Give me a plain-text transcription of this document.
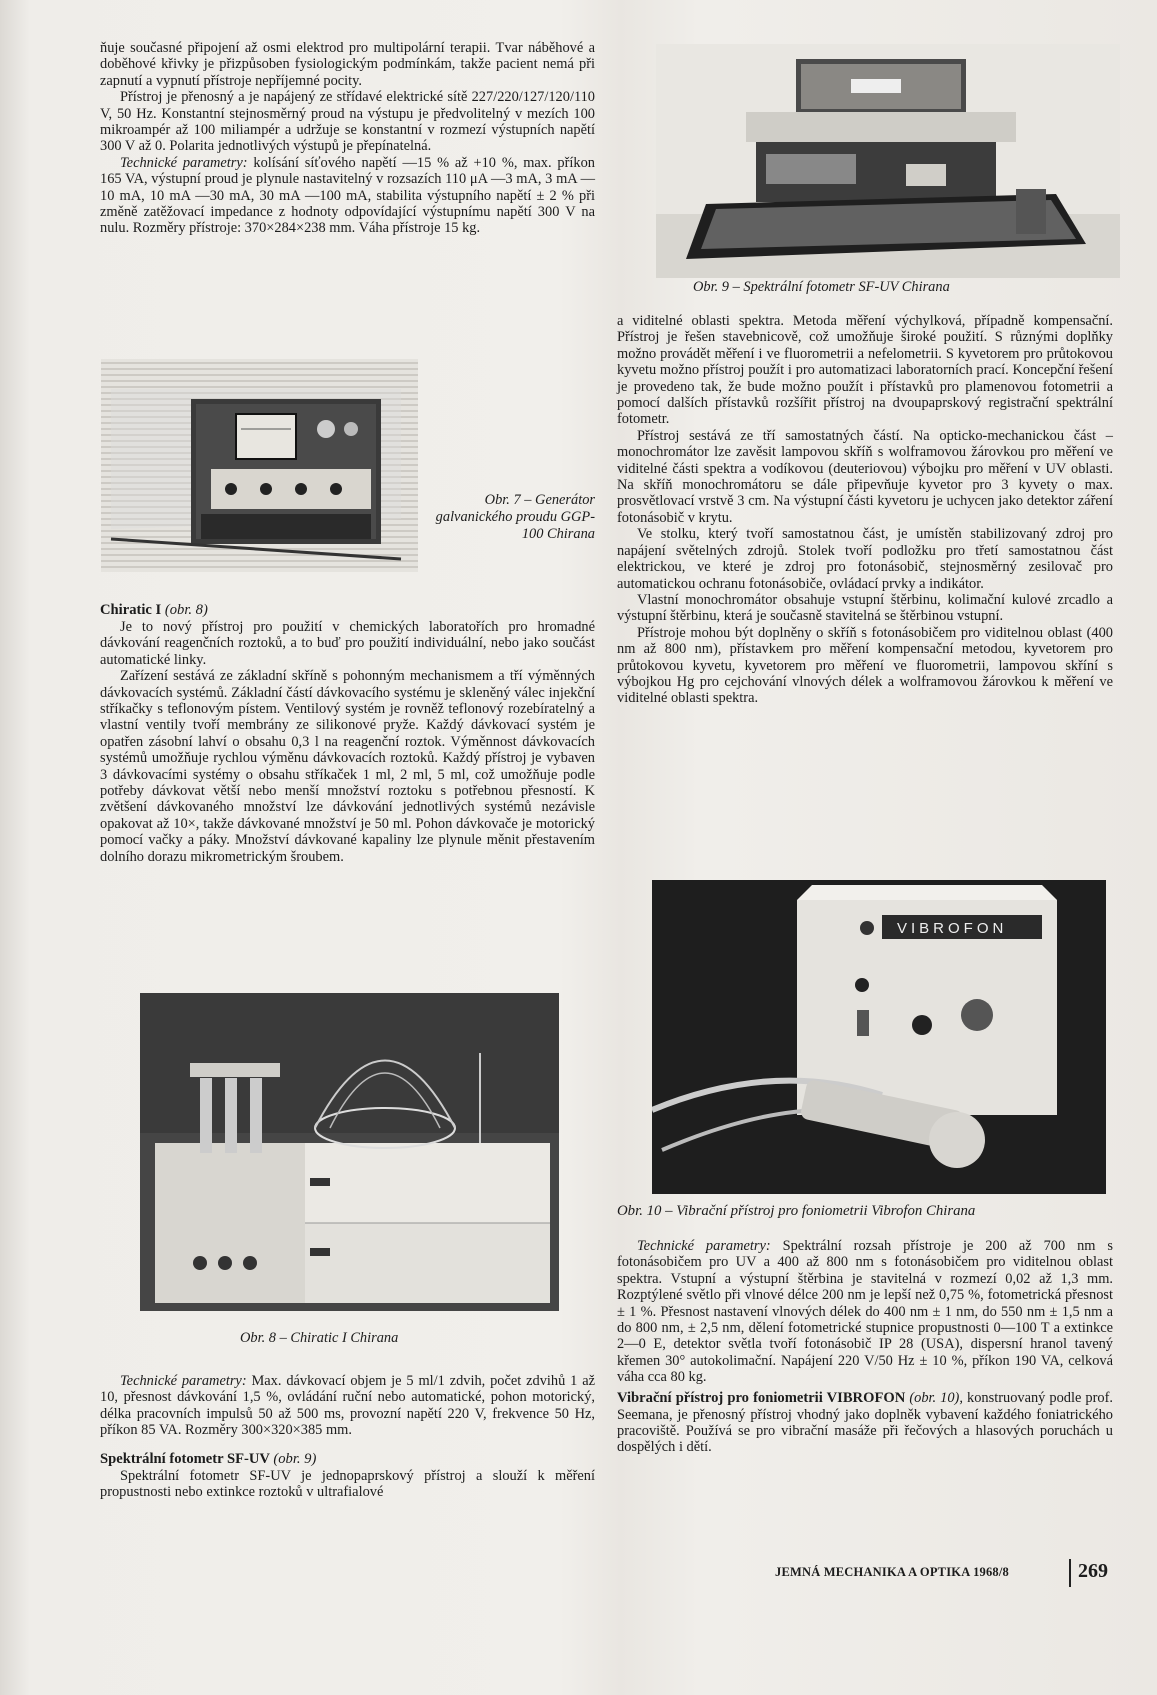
ňuje současné připojení až osmi elektrod pro multipolární terapii. Tvar náběhové a doběhové křivky je přizpůsoben fysiologickým podmínkám, takže pacient nemá při zapnutí a vypnutí přístroje nepříjemné pocity.

Přístroj je přenosný a je napájený ze střídavé elektrické sítě 227/220/127/120/110 V, 50 Hz. Konstantní stejnosměrný proud na výstupu je předvolitelný v mezích 100 mikroampér až 100 miliampér a udržuje se konstantní v rozmezí výstupních napětí 300 V až 0. Polarita jednotlivých výstupů je přepínatelná.

Technické parametry: kolísání síťového napětí —15 % až +10 %, max. příkon 165 VA, výstupní proud je plynule nastavitelný v rozsazích 110 μA —3 mA, 3 mA —10 mA, 10 mA —30 mA, 30 mA —100 mA, stabilita výstupního napětí ± 2 % při změně zatěžovací impedance z hodnoty odpovídající výstupnímu napětí 300 V na nulu. Rozměry přístroje: 370×284×238 mm. Váha přístroje 15 kg.

Obr. 7 – Generátor galvanického proudu GGP-100 Chirana
Chiratic I (obr. 8)

Je to nový přístroj pro použití v chemických laboratořích pro hromadné dávkování reagenčních roztoků, a to buď pro použití individuální, nebo jako součást automatické linky.

Zařízení sestává ze základní skříně s pohonným mechanismem a tří výměnných dávkovacích systémů. Základní částí dávkovacího systému je skleněný válec injekční stříkačky s teflonovým pístem. Ventilový systém je rovněž teflonový rozebíratelný a vlastní ventily tvoří membrány ze silikonové pryže. Každý dávkovací systém je opatřen zásobní lahví o obsahu 0,3 l na reagenční roztok. Výměnnost dávkovacích systémů umožňuje rychlou výměnu dávkovacích roztoků. Každý přístroj je vybaven 3 dávkovacími systémy o obsahu stříkaček 1 ml, 2 ml, 5 ml, což umožňuje podle potřeby dávkovat větší nebo menší množství roztoku s potřebnou přesností. K zvětšení dávkovaného množství lze dávkování jednotlivých systémů nezávisle opakovat až 10×, takže dávkované množství je 50 ml. Pohon dávkovače je motorický pomocí vačky a páky. Množství dávkované kapaliny lze plynule měnit přestavením dolního dorazu mikrometrickým šroubem.

Obr. 8 – Chiratic I Chirana

Technické parametry: Max. dávkovací objem je 5 ml/1 zdvih, počet zdvihů 1 až 10, přesnost dávkování 1,5 %, ovládání ruční nebo automatické, pohon motorický, délka pracovních impulsů 50 až 500 ms, provozní napětí 220 V, frekvence 50 Hz, příkon 85 VA. Rozměry 300×320×385 mm.

Spektrální fotometr SF-UV (obr. 9)

Spektrální fotometr SF-UV je jednopaprskový přístroj a slouží k měření propustnosti nebo extinkce roztoků v ultrafialové

Obr. 9 – Spektrální fotometr SF-UV Chirana

a viditelné oblasti spektra. Metoda měření výchylková, případně kompensační. Přístroj je řešen stavebnicově, což umožňuje široké použití. S různými doplňky možno provádět měření i ve fluorometrii a nefelometrii. S kyvetorem pro průtokovou kyvetu možno přístroj použít i pro automatizaci laboratorních prací. Koncepční řešení je provedeno tak, že bude možno použít i přístavků pro plamenovou fotometrii a pomocí dalších přístavků rozšířit přístroj na dvoupaprskový registrační spektrální fotometr.

Přístroj sestává ze tří samostatných částí. Na opticko-mechanickou část – monochromátor lze zavěsit lampovou skříň s wolframovou žárovkou pro měření ve viditelné části spektra a vodíkovou (deuteriovou) výbojku pro měření v UV oblasti. Na skříň monochromátoru se dále připevňuje kyvetor pro 3 kyvety o max. prosvětlovací vrstvě 3 cm. Na výstupní části kyvetoru je uchycen jako detektor záření fotonásobič v krytu.

Ve stolku, který tvoří samostatnou část, je umístěn stabilizovaný zdroj pro napájení světelných zdrojů. Stolek tvoří podložku pro třetí samostatnou část elektrickou, ve které je zdroj pro fotonásobič, stejnosměrný zesilovač pro automatickou ochranu fotonásobiče, ovládací prvky a indikátor.

Vlastní monochromátor obsahuje vstupní štěrbinu, kolimační kulové zrcadlo a výstupní štěrbinu, která je současně stavitelná se štěrbinou vstupní.

Přístroje mohou být doplněny o skříň s fotonásobičem pro viditelnou oblast (400 nm až 800 nm), přístavkem pro měření kompensační metodou, kyvetorem pro průtokovou kyvetu, kyvetorem pro měření ve fluorometrii, lampovou skříní s výbojkou Hg pro cejchování vlnových délek a wolframovou žárovkou k měření ve viditelné oblasti spektra.

VIBROFON
Obr. 10 – Vibrační přístroj pro foniometrii Vibrofon Chirana

Technické parametry: Spektrální rozsah přístroje je 200 až 700 nm s fotonásobičem pro UV a 400 až 800 nm s fotonásobičem pro viditelnou oblast spektra. Vstupní a výstupní štěrbina je stavitelná v rozmezí 0,02 až 1,3 mm. Rozptýlené světlo při vlnové délce 200 nm je lepší než 0,75 %, fotometrická přesnost ± 1 %. Přesnost nastavení vlnových délek do 400 nm ± 1 nm, do 550 nm ± 1,5 nm a do 800 nm, ± 2,5 nm, dělení fotometrické stupnice propustnosti 0—100 T a extinkce 2—0 E, detektor světla tvoří fotonásobič IP 28 (USA), dispersní hranol tavený křemen 30° autokolimační. Napájení 220 V/50 Hz ± 10 %, příkon 190 VA, celková váha cca 80 kg.

Vibrační přístroj pro foniometrii VIBROFON (obr. 10), konstruovaný podle prof. Seemana, je přenosný přístroj vhodný jako doplněk vybavení každého foniatrického pracoviště. Používá se pro vibrační masáže při řečových a hlasových poruchách u dospělých i dětí.

JEMNÁ MECHANIKA A OPTIKA 1968/8	269
